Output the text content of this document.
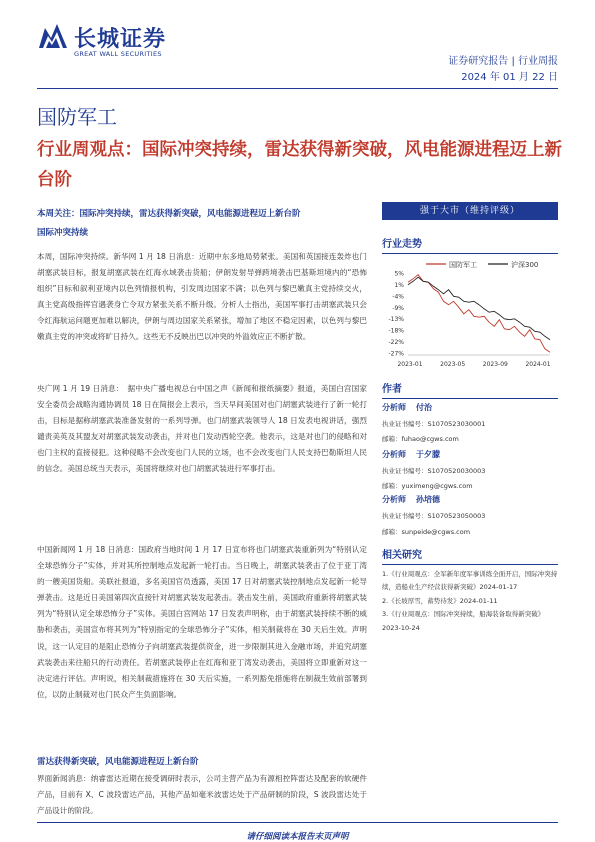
长城证券
GREAT WALL SECURITIES
证券研究报告 | 行业周报
2024 年 01 月 22 日
国防军工
行业周观点：国际冲突持续，雷达获得新突破，风电能源进程迈上新台阶
本周关注：国际冲突持续，雷达获得新突破，风电能源进程迈上新台阶
国际冲突持续

本周，国际冲突持续。新华网 1 月 18 日消息：近期中东多地局势紧张。美国和英国接连轰炸也门胡塞武装目标，报复胡塞武装在红海水域袭击货船；伊朗发射导弹跨境袭击巴基斯坦境内的“恐怖组织”目标和叙利亚境内以色列情报机构，引发周边国家不满；以色列与黎巴嫩真主党持续交火，真主党高级指挥官遇袭身亡令双方紧张关系不断升级。分析人士指出，美国军事打击胡塞武装只会令红海航运问题更加难以解决，伊朗与周边国家关系紧张，增加了地区不稳定因素，以色列与黎巴嫩真主党的冲突或将旷日持久。这些无不反映出巴以冲突的外溢效应正不断扩散。

央广网 1 月 19 日消息：　据中央广播电视总台中国之声《新闻和报纸摘要》报道，美国白宫国家安全委员会战略沟通协调员 18 日在简报会上表示，当天早间美国对也门胡塞武装进行了新一轮打击，目标是据称胡塞武装准备发射的一系列导弹。也门胡塞武装领导人 18 日发表电视讲话，强烈谴责美英及其盟友对胡塞武装发动袭击，并对也门发动西轮空袭。他表示，这是对也门的侵略和对也门主权的直接侵犯。这种侵略不会改变也门人民的立场，也不会改变也门人民支持巴勒斯坦人民的信念。美国总统当天表示，美国将继续对也门胡塞武装进行军事打击。

中国新闻网 1 月 18 日消息：国政府当地时间 1 月 17 日宣布将也门胡塞武装重新列为“特别认定全球恐怖分子”实体，并对其所控制地点发起新一轮打击。当日晚上，胡塞武装袭击了位于亚丁湾的一艘美国货船。美联社报道，多名美国官员透露，美国 17 日对胡塞武装控制地点发起新一轮导弹袭击。这是近日美国第四次直接针对胡塞武装发起袭击。袭击发生前，美国政府重新将胡塞武装列为“特别认定全球恐怖分子”实体。美国白宫网站 17 日发表声明称，由于胡塞武装持续不断的威胁和袭击，美国宣布将其列为“特别指定的全球恐怖分子”实体，相关制裁将在 30 天后生效。声明说，这一认定目的是阻止恐怖分子向胡塞武装提供资金，进一步限制其进入金融市场，并追究胡塞武装袭击来往船只的行动责任。若胡塞武装停止在红海和亚丁湾发动袭击，美国将立即重新对这一决定进行评估。声明说，相关制裁措施将在 30 天后实施，一系列豁免措施将在制裁生效前部署到位，以防止制裁对也门民众产生负面影响。

雷达获得新突破，风电能源进程迈上新台阶

界面新闻消息：纳睿雷达近期在接受调研时表示，公司主营产品为有源相控阵雷达及配套的软硬件产品，目前有 X、C 波段雷达产品，其他产品如毫米波雷达处于产品研制的阶段，S 波段雷达处于产品设计的阶段。

强于大市（维持评级）
行业走势
国防军工	沪深300
5%
1%
-4%
-9%
-13%
-18%
-22%
-27%
2023-01	2023-05	2023-09	2024-01
作者
分析师 付治
执业证书编号：S1070523030001
邮箱：fuhao@cgws.com
分析师 于夕朦
执业证书编号：S1070520030003
邮箱：yuximeng@cgws.com
分析师 孙培德
执业证书编号：S1070523050003
邮箱：sunpeide@cgws.com
相关研究

1.《行业周观点：全军新年度军事训练全面开启，国际冲突持续，造船业生产经营获得新突破》2024-01-17

2.《长坡厚雪，蓄势待发》2024-01-11

3.《行业周观点：国际冲突持续，船海装备取得新突破》2023-10-24

请仔细阅读本报告末页声明
